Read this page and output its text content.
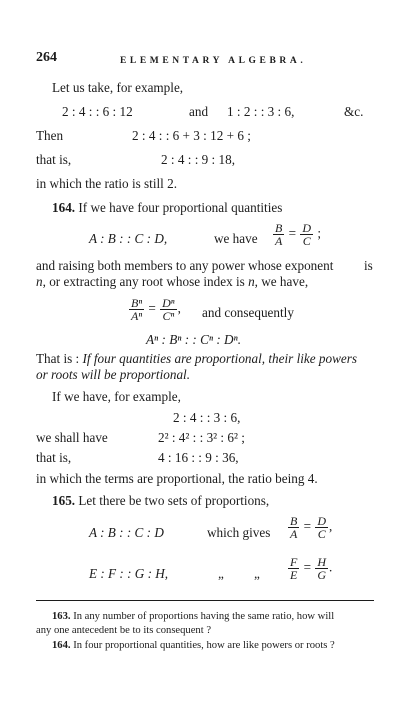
264	ELEMENTARY ALGEBRA.
Let us take, for example,
2 : 4 : : 6 : 12	and 1 : 2 : : 3 : 6,	&c.
Then	2 : 4 : : 6 + 3 : 12 + 6 ;
that is,	2 : 4 : : 9 : 18,
in which the ratio is still 2.
164. If we have four proportional quantities
A : B : : C : D,	we have $\frac{B}{A} = \frac{D}{C}$ ;
and raising both members to any power whose exponent is
n, or extracting any root whose index is n, we have,
$\frac{\text{Bⁿ}}{\text{Aⁿ}} = \frac{\text{Dⁿ}}{\text{Cⁿ}}$ , and consequently
Aⁿ : Bⁿ : : Cⁿ : Dⁿ.
That is : If four quantities are proportional, their like powers
or roots will be proportional.
If we have, for example,
2 : 4 : : 3 : 6,
we shall have	2² : 4² : : 3² : 6² ;
that is,	4 : 16 : : 9 : 36,
in which the terms are proportional, the ratio being 4.
165. Let there be two sets of proportions,
A : B : : C : D	which gives $\frac{B}{A} = \frac{D}{C}$ ,
E : F : : G : H,	„ „ $\frac{F}{E} = \frac{H}{G}$ .
163. In any number of proportions having the same ratio, how will
any one antecedent be to its consequent ?
164. In four proportional quantities, how are like powers or roots ?
